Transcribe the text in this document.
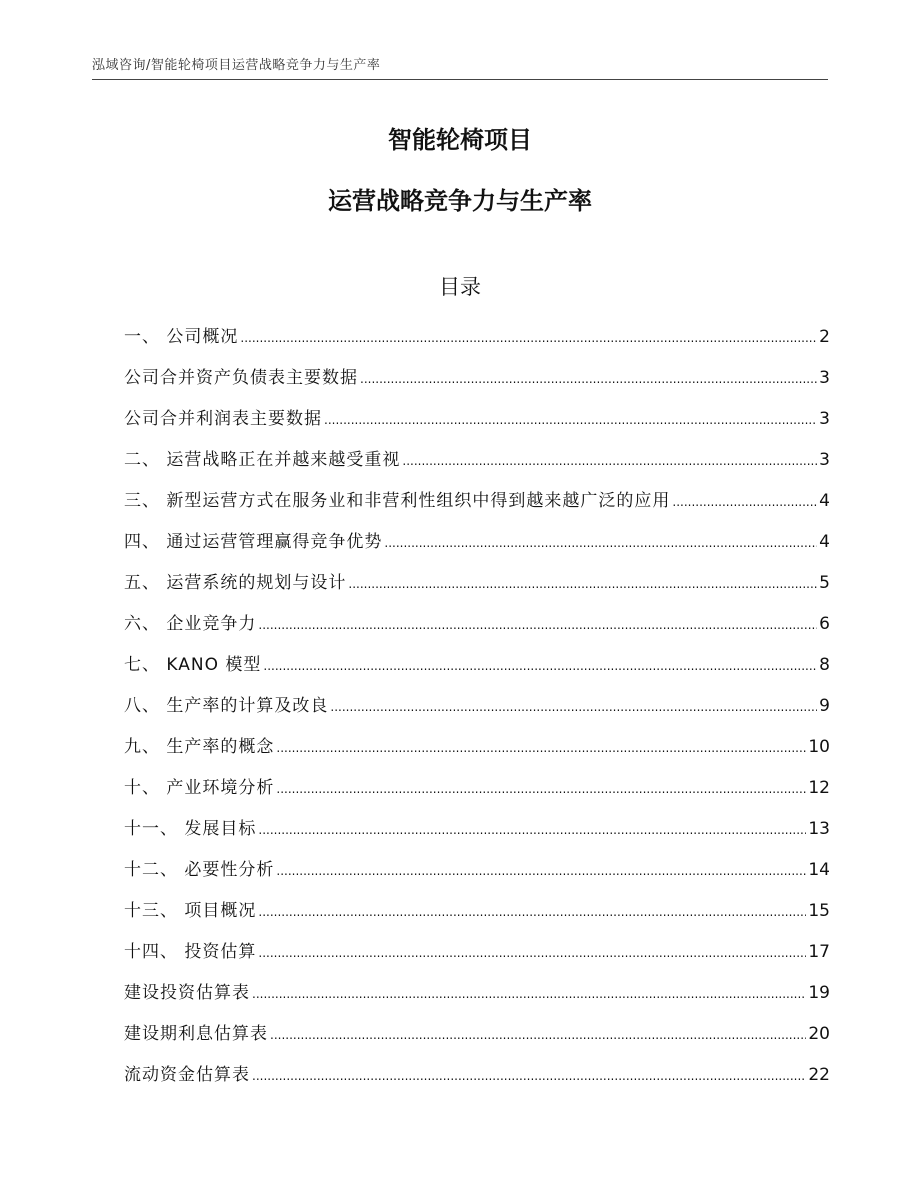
泓域咨询/智能轮椅项目运营战略竞争力与生产率
智能轮椅项目
运营战略竞争力与生产率
目录
一、 公司概况 .....	2
公司合并资产负债表主要数据 .....	3
公司合并利润表主要数据 .....	3
二、 运营战略正在并越来越受重视 .....	3
三、 新型运营方式在服务业和非营利性组织中得到越来越广泛的应用 .....	4
四、 通过运营管理赢得竞争优势 .....	4
五、 运营系统的规划与设计 .....	5
六、 企业竞争力 .....	6
七、 KANO 模型 .....	8
八、 生产率的计算及改良 .....	9
九、 生产率的概念 .....	10
十、 产业环境分析 .....	12
十一、 发展目标 .....	13
十二、 必要性分析 .....	14
十三、 项目概况 .....	15
十四、 投资估算 .....	17
建设投资估算表 .....	19
建设期利息估算表 .....	20
流动资金估算表 .....	22
